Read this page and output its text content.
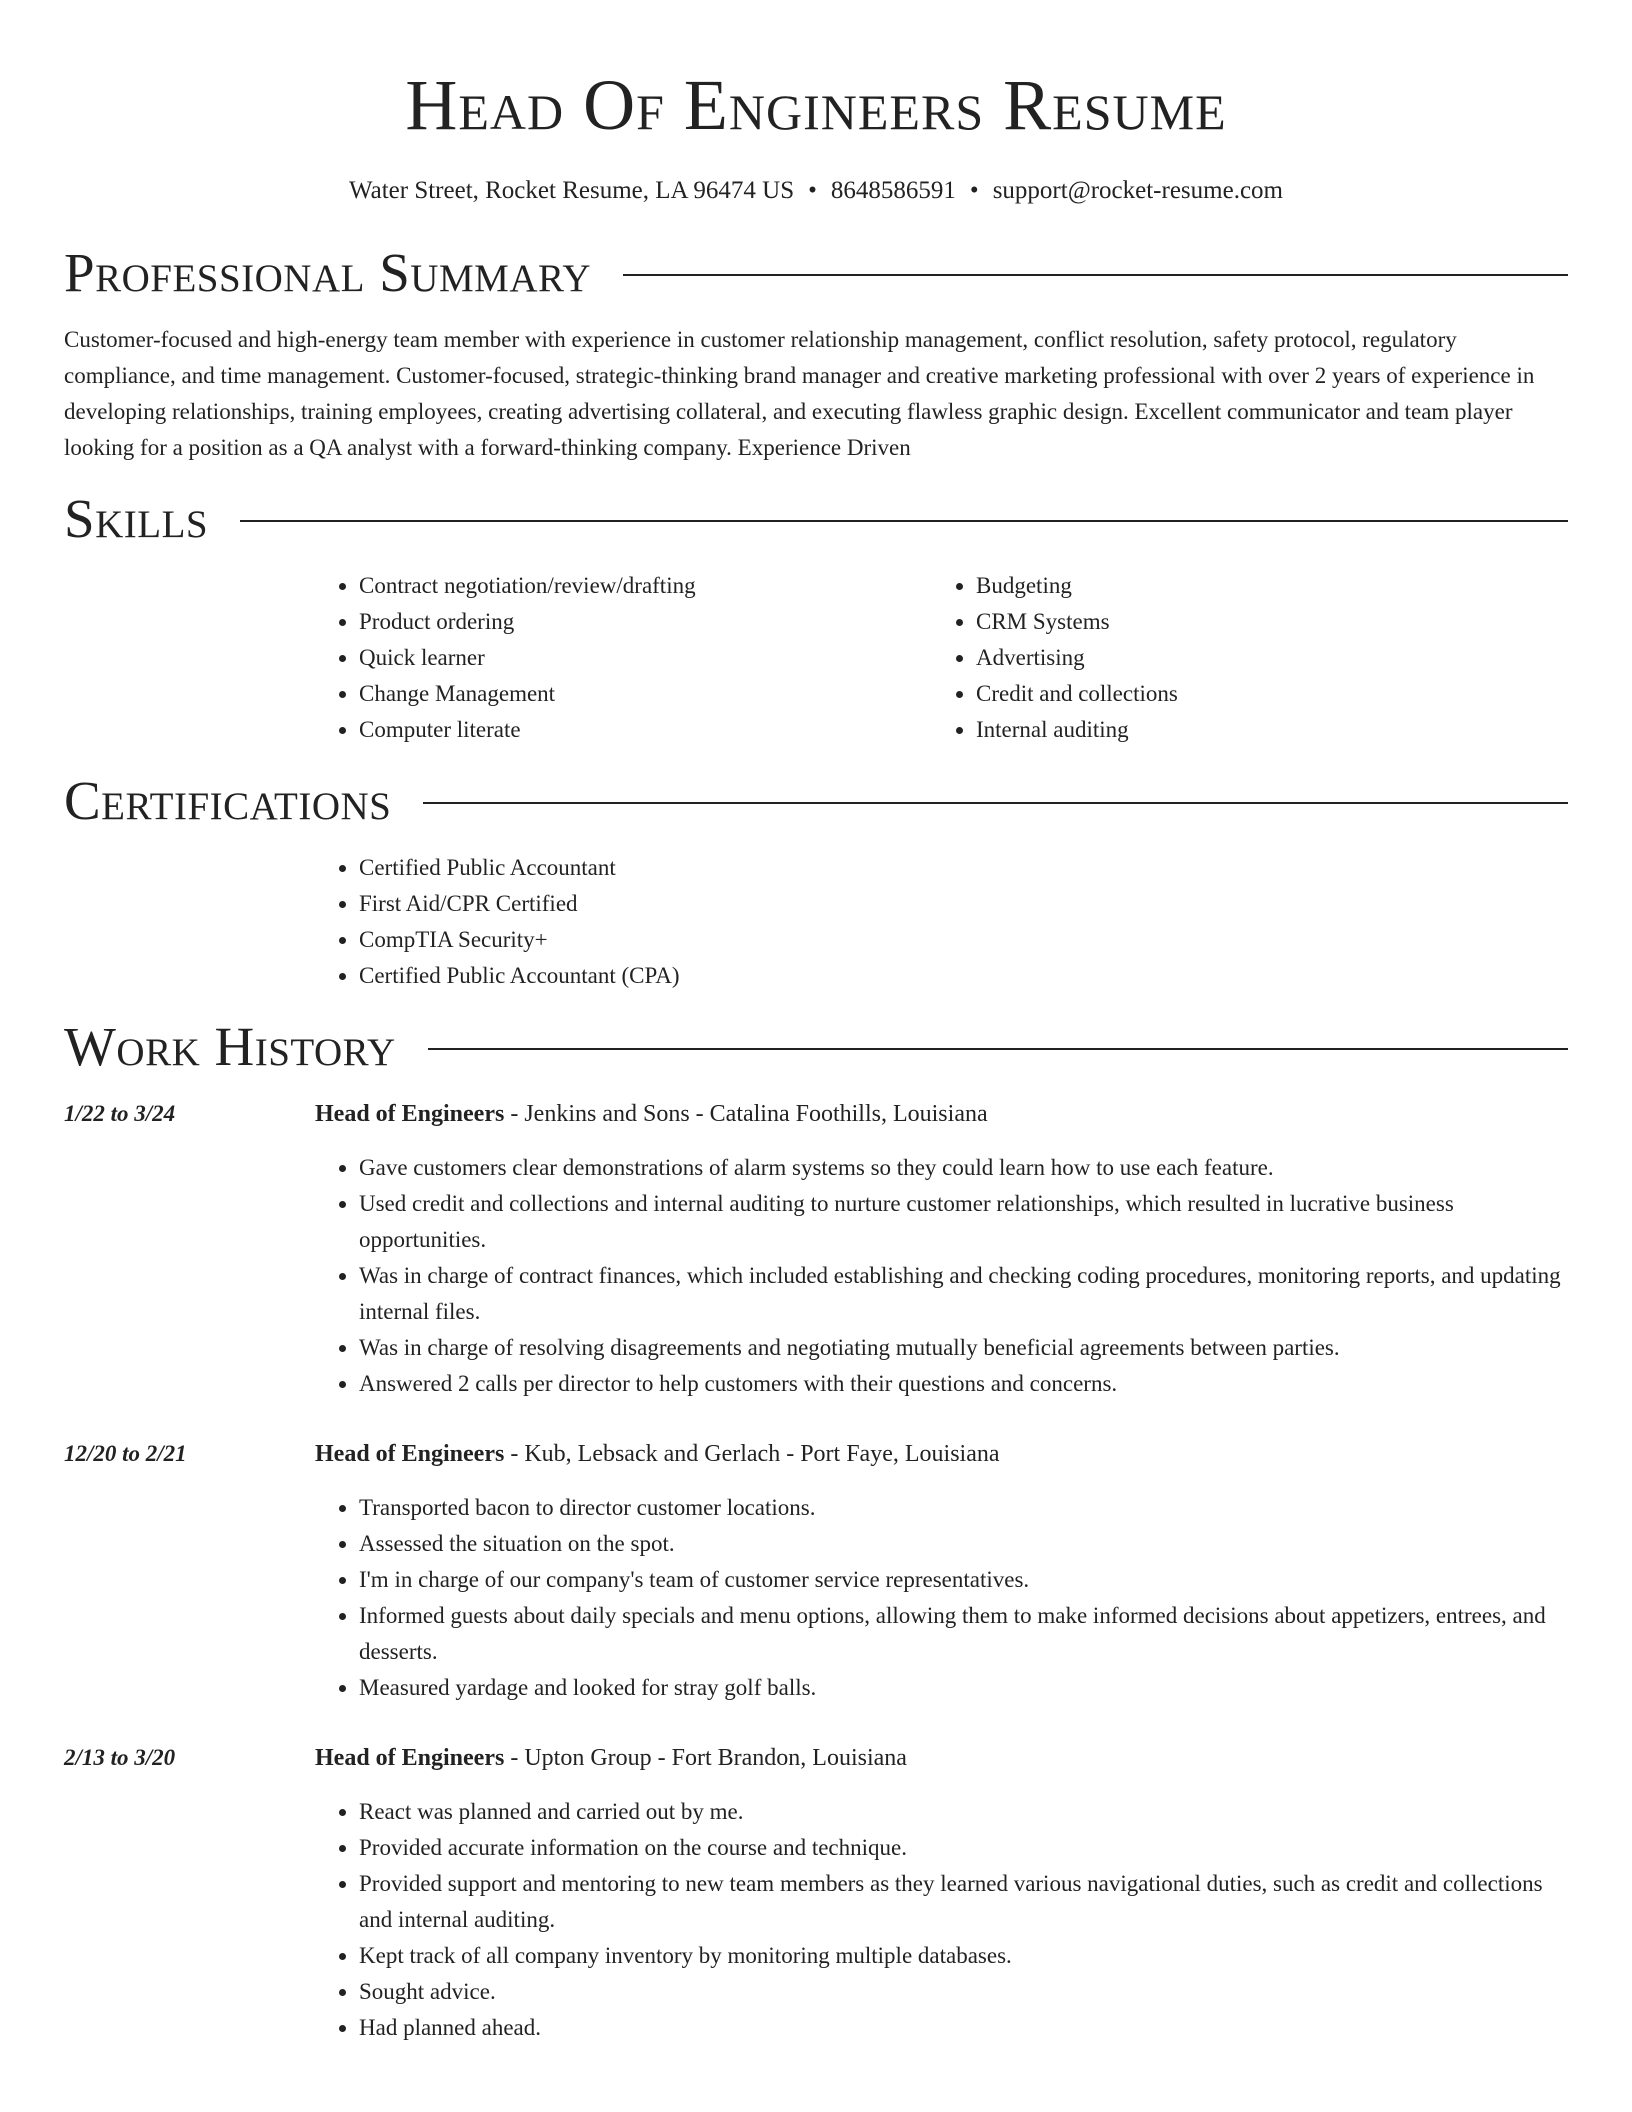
Head Of Engineers Resume
Water Street, Rocket Resume, LA 96474 US • 8648586591 • support@rocket-resume.com
Professional Summary

Customer-focused and high-energy team member with experience in customer relationship management, conflict resolution, safety protocol, regulatory compliance, and time management. Customer-focused, strategic-thinking brand manager and creative marketing professional with over 2 years of experience in developing relationships, training employees, creating advertising collateral, and executing flawless graphic design. Excellent communicator and team player looking for a position as a QA analyst with a forward-thinking company. Experience Driven

Skills
• Contract negotiation/review/drafting
• Product ordering
• Quick learner
• Change Management
• Computer literate
• Budgeting
• CRM Systems
• Advertising
• Credit and collections
• Internal auditing
Certifications
• Certified Public Accountant
• First Aid/CPR Certified
• CompTIA Security+
• Certified Public Accountant (CPA)
Work History
1/22 to 3/24	Head of Engineers - Jenkins and Sons - Catalina Foothills, Louisiana
• Gave customers clear demonstrations of alarm systems so they could learn how to use each feature.
• Used credit and collections and internal auditing to nurture customer relationships, which resulted in lucrative business opportunities.
• Was in charge of contract finances, which included establishing and checking coding procedures, monitoring reports, and updating internal files.
• Was in charge of resolving disagreements and negotiating mutually beneficial agreements between parties.
• Answered 2 calls per director to help customers with their questions and concerns.
12/20 to 2/21	Head of Engineers - Kub, Lebsack and Gerlach - Port Faye, Louisiana
• Transported bacon to director customer locations.
• Assessed the situation on the spot.
• I'm in charge of our company's team of customer service representatives.
• Informed guests about daily specials and menu options, allowing them to make informed decisions about appetizers, entrees, and desserts.
• Measured yardage and looked for stray golf balls.
2/13 to 3/20	Head of Engineers - Upton Group - Fort Brandon, Louisiana
• React was planned and carried out by me.
• Provided accurate information on the course and technique.
• Provided support and mentoring to new team members as they learned various navigational duties, such as credit and collections and internal auditing.
• Kept track of all company inventory by monitoring multiple databases.
• Sought advice.
• Had planned ahead.
